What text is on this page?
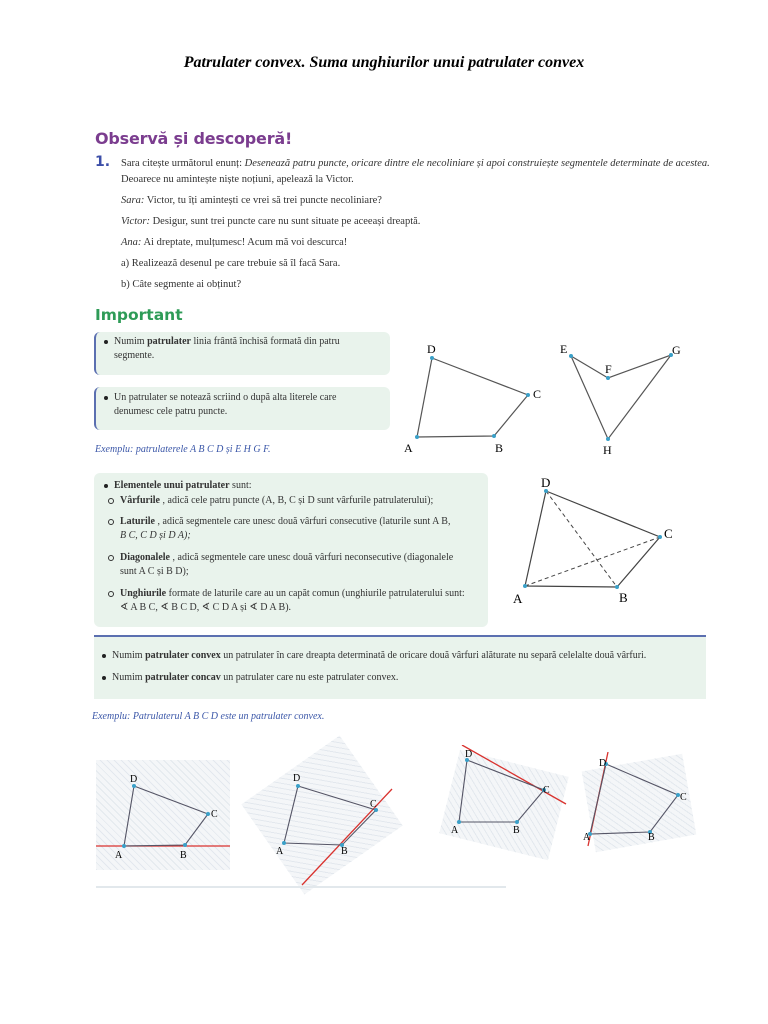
Patrulater convex. Suma unghiurilor unui patrulater convex
Observă și descoperă!
1. Sara citește următorul enunț: Desenează patru puncte, oricare dintre ele necoliniare și apoi construiește segmentele determinate de acestea.
Deoarece nu amintește niște noțiuni, apelează la Victor.
Sara: Victor, tu îți amintești ce vrei să trei puncte necoliniare?
Victor: Desigur, sunt trei puncte care nu sunt situate pe aceeași dreaptă.
Ana: Ai dreptate, mulțumesc! Acum mă voi descurca!
a) Realizează desenul pe care trebuie să îl facă Sara.
b) Câte segmente ai obținut?
Important
Numim patrulater linia frântă închisă formată din patru
segmente.
Un patrulater se notează scriind o după alta literele care
denumesc cele patru puncte.
Exemplu: patrulaterele A B C D și E H G F.
D
C
B
A
E
F
G
H
Elementele unui patrulater sunt:
Vârfurile , adică cele patru puncte (A, B, C și D sunt vârfurile patrulaterului);
Laturile , adică segmentele care unesc două vârfuri consecutive (laturile sunt A B,
B C, C D și D A);
Diagonalele , adică segmentele care unesc două vârfuri neconsecutive (diagonalele
sunt A C și B D);
Unghiurile formate de laturile care au un capăt comun (unghiurile patrulaterului sunt:
∢ A B C, ∢ B C D, ∢ C D A și ∢ D A B).
D
C
B
A
Numim patrulater convex un patrulater în care dreapta determinată de oricare două vârfuri alăturate nu separă celelalte două vârfuri.
Numim patrulater concav un patrulater care nu este patrulater convex.
Exemplu: Patrulaterul A B C D este un patrulater convex.
D
C
B
A
D
C
B
A
D
C
B
A
D
C
B
A
